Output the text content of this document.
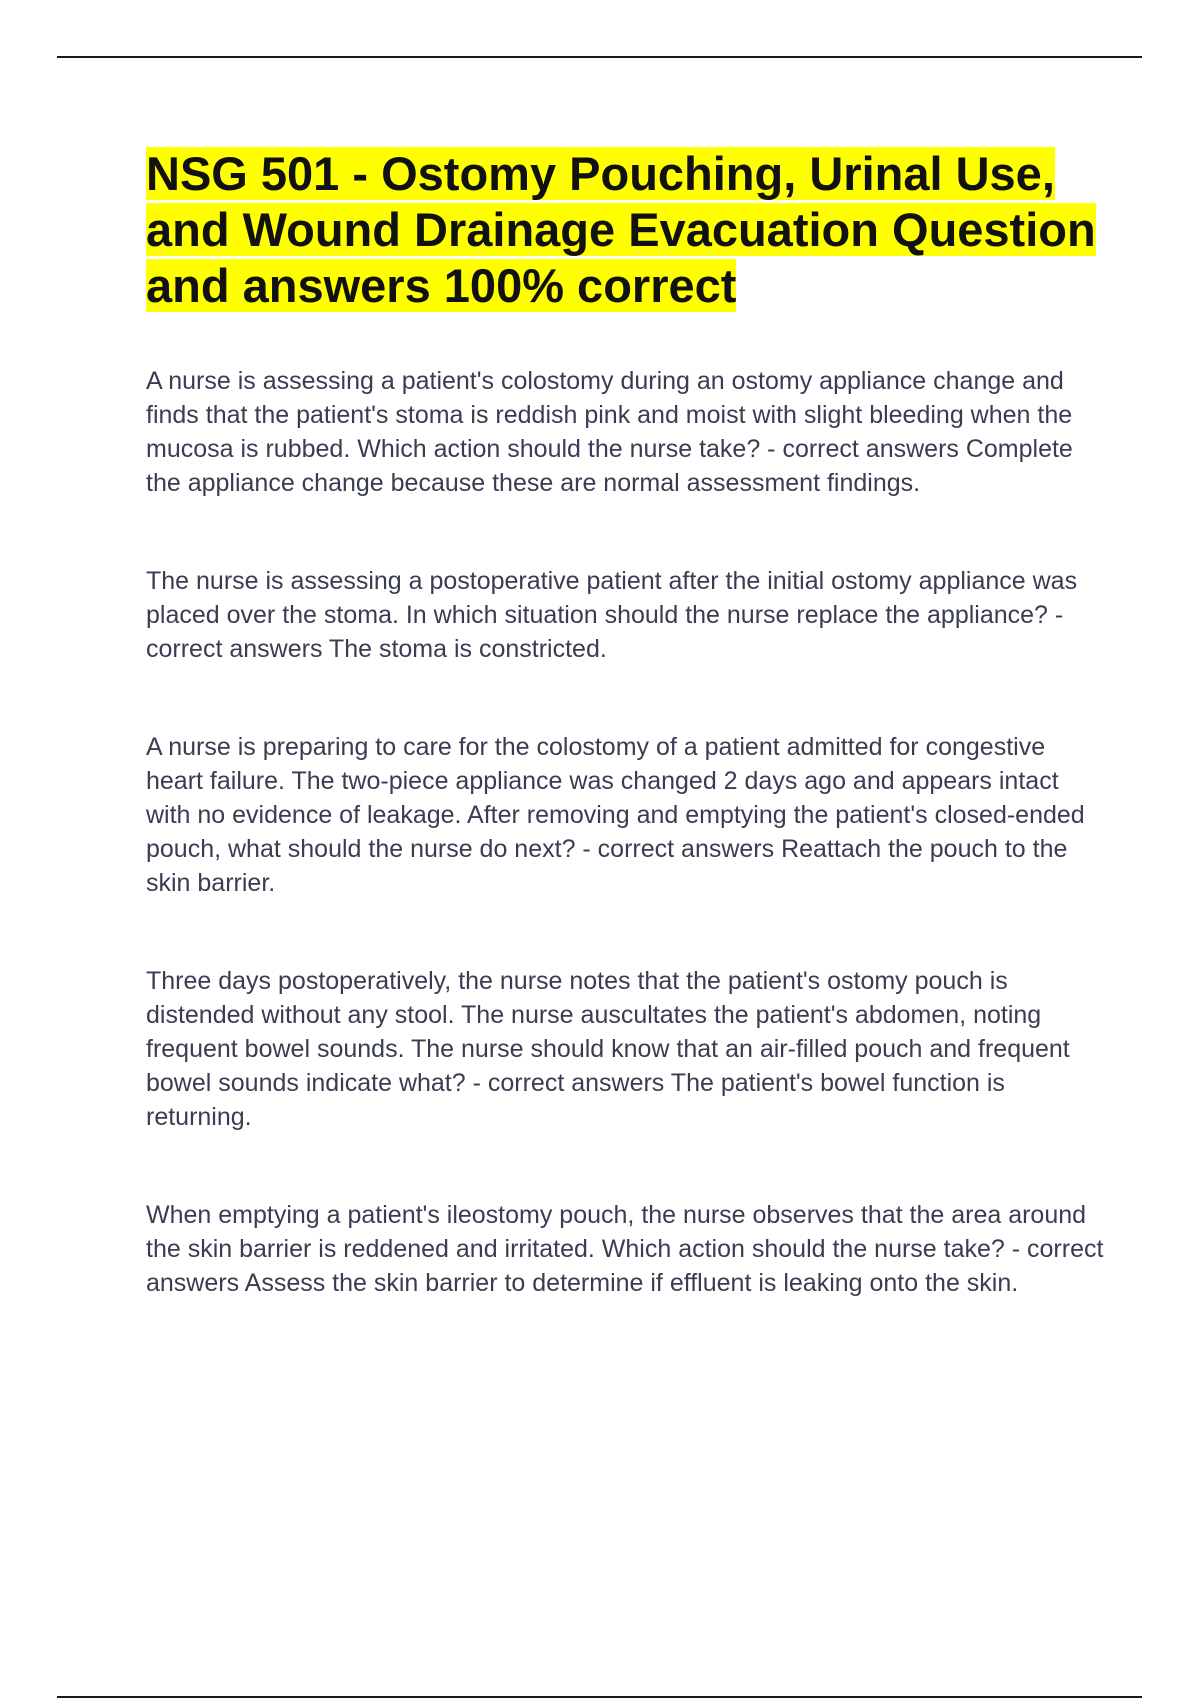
NSG 501 - Ostomy Pouching, Urinal Use, and Wound Drainage Evacuation Question and answers 100% correct

A nurse is assessing a patient's colostomy during an ostomy appliance change and finds that the patient's stoma is reddish pink and moist with slight bleeding when the mucosa is rubbed. Which action should the nurse take? - correct answers Complete the appliance change because these are normal assessment findings.

The nurse is assessing a postoperative patient after the initial ostomy appliance was placed over the stoma. In which situation should the nurse replace the appliance? - correct answers The stoma is constricted.

A nurse is preparing to care for the colostomy of a patient admitted for congestive heart failure. The two-piece appliance was changed 2 days ago and appears intact with no evidence of leakage. After removing and emptying the patient's closed-ended pouch, what should the nurse do next? - correct answers Reattach the pouch to the skin barrier.

Three days postoperatively, the nurse notes that the patient's ostomy pouch is distended without any stool. The nurse auscultates the patient's abdomen, noting frequent bowel sounds. The nurse should know that an air-filled pouch and frequent bowel sounds indicate what? - correct answers The patient's bowel function is returning.

When emptying a patient's ileostomy pouch, the nurse observes that the area around the skin barrier is reddened and irritated. Which action should the nurse take? - correct answers Assess the skin barrier to determine if effluent is leaking onto the skin.
